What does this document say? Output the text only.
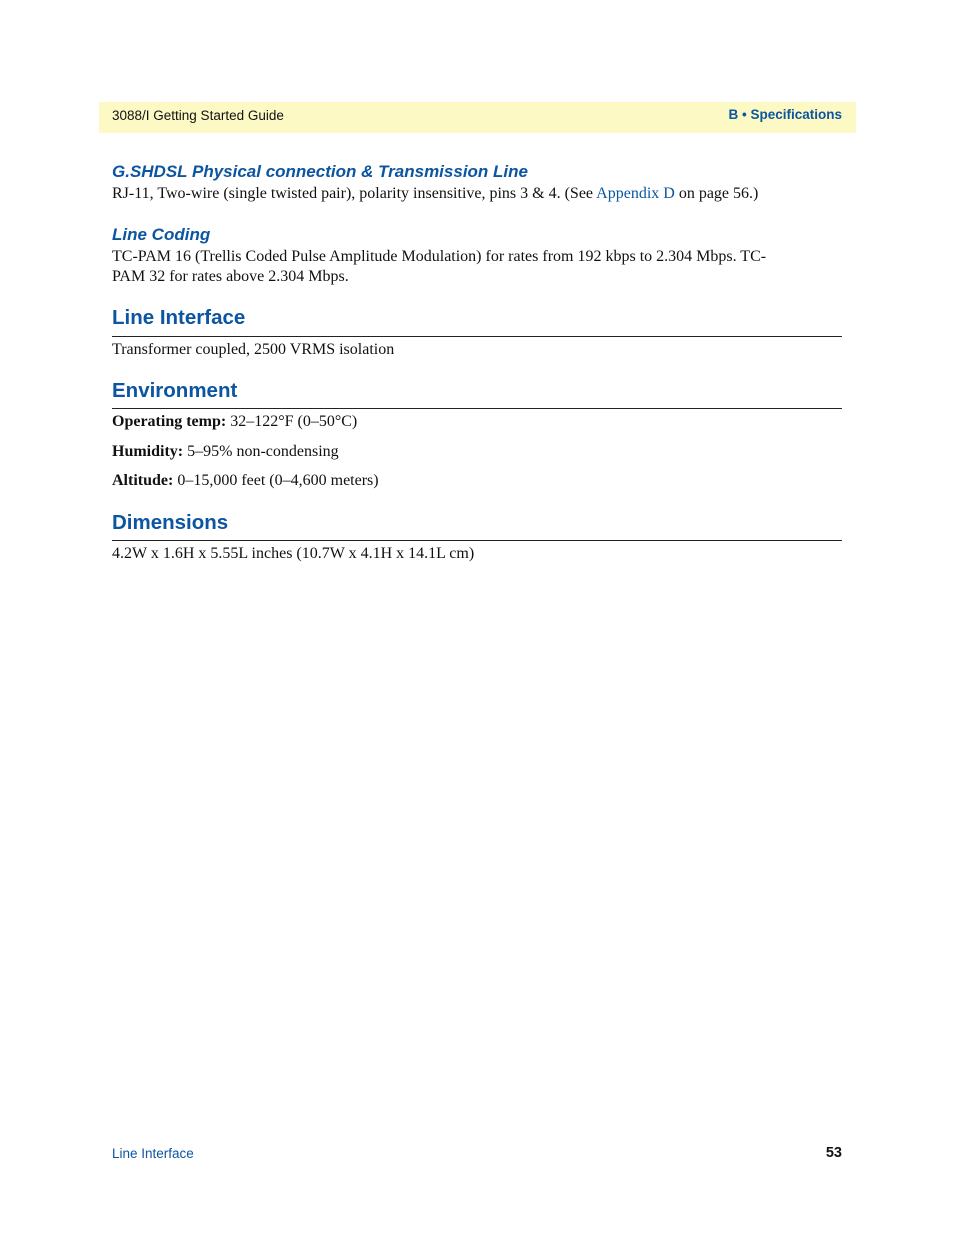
3088/I Getting Started Guide	B • Specifications
G.SHDSL Physical connection & Transmission Line

RJ-11, Two-wire (single twisted pair), polarity insensitive, pins 3 & 4. (See Appendix D on page 56.)

Line Coding

TC-PAM 16 (Trellis Coded Pulse Amplitude Modulation) for rates from 192 kbps to 2.304 Mbps. TC-
PAM 32 for rates above 2.304 Mbps.

Line Interface

Transformer coupled, 2500 VRMS isolation

Environment

Operating temp: 32–122°F (0–50°C)

Humidity: 5–95% non-condensing

Altitude: 0–15,000 feet (0–4,600 meters)

Dimensions

4.2W x 1.6H x 5.55L inches (10.7W x 4.1H x 14.1L cm)

Line Interface	53
